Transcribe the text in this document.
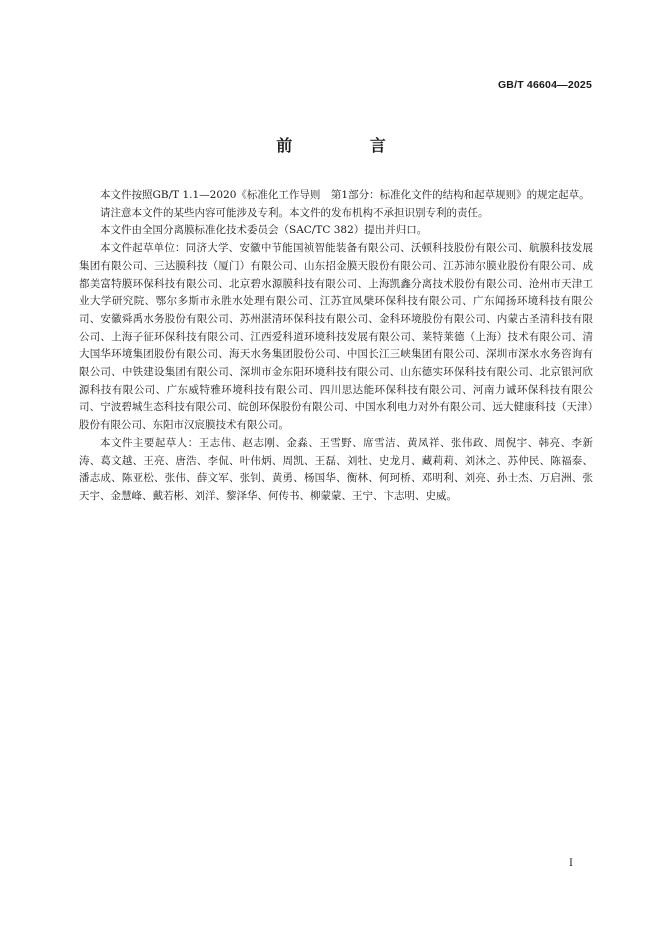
GB/T 46604—2025
前 言

本文件按照GB/T 1.1—2020《标准化工作导则　第1部分：标准化文件的结构和起草规则》的规定起草。

请注意本文件的某些内容可能涉及专利。本文件的发布机构不承担识别专利的责任。

本文件由全国分离膜标准化技术委员会（SAC/TC 382）提出并归口。

本文件起草单位：同济大学、安徽中节能国祯智能装备有限公司、沃顿科技股份有限公司、航膜科技发展集团有限公司、三达膜科技（厦门）有限公司、山东招金膜天股份有限公司、江苏沛尔膜业股份有限公司、成都美富特膜环保科技有限公司、北京碧水源膜科技有限公司、上海凯鑫分离技术股份有限公司、沧州市天津工业大学研究院、鄂尔多斯市永胜水处理有限公司、江苏宜凤檗环保科技有限公司、广东闻扬环境科技有限公司、安徽舜禹水务股份有限公司、苏州湛清环保科技有限公司、金科环境股份有限公司、内蒙古圣清科技有限公司、上海子征环保科技有限公司、江西爱科道环境科技发展有限公司、莱特莱德（上海）技术有限公司、清大国华环境集团股份有限公司、海天水务集团股份公司、中国长江三峡集团有限公司、深圳市深水水务咨询有限公司、中铁建设集团有限公司、深圳市金东阳环境科技有限公司、山东德实环保科技有限公司、北京银河欣源科技有限公司、广东威特雅环境科技有限公司、四川思达能环保科技有限公司、河南力诚环保科技有限公司、宁波碧城生态科技有限公司、皖创环保股份有限公司、中国水利电力对外有限公司、远大健康科技（天津）股份有限公司、东阳市汉宸膜技术有限公司。

本文件主要起草人：王志伟、赵志刚、金淼、王雪野、席雪洁、黄凤祥、张伟政、周倪宇、韩亮、李新涛、葛文越、王亮、唐浩、李侃、叶伟炳、周凯、王磊、刘牡、史龙月、藏莉莉、刘沐之、苏仲民、陈福泰、潘志成、陈亚松、张伟、薛文军、张钊、黄勇、杨国华、衡林、何珂桥、邓明利、刘亮、孙士杰、万启洲、张天宇、金慧峰、戴若彬、刘洋、黎泽华、何传书、柳蒙蒙、王宁、卞志明、史威。

I
